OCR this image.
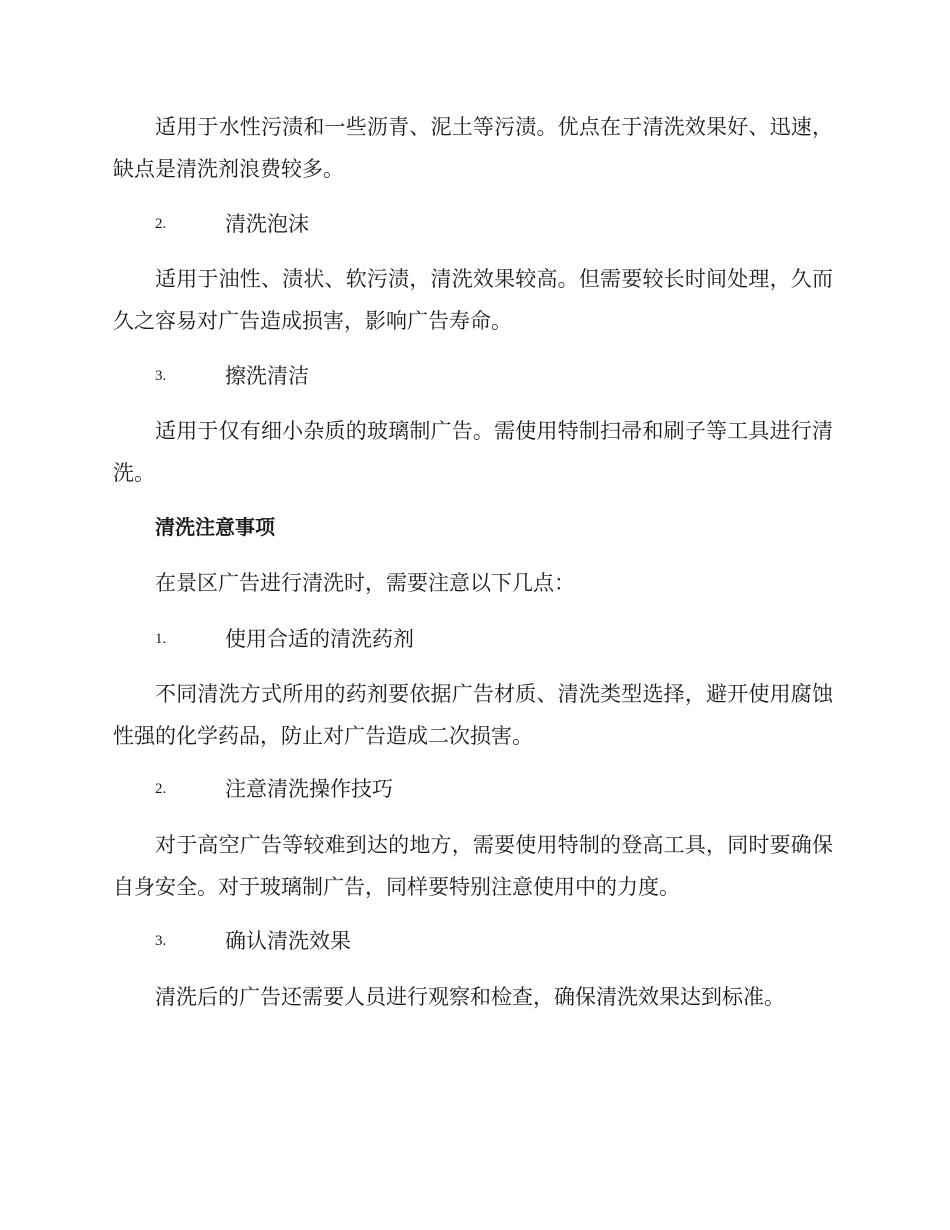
适用于水性污渍和一些沥青、泥土等污渍。优点在于清洗效果好、迅速，缺点是清洗剂浪费较多。

2.	清洗泡沫

适用于油性、渍状、软污渍，清洗效果较高。但需要较长时间处理，久而久之容易对广告造成损害，影响广告寿命。

3.	擦洗清洁

适用于仅有细小杂质的玻璃制广告。需使用特制扫帚和刷子等工具进行清洗。

清洗注意事项

在景区广告进行清洗时，需要注意以下几点：

1.	使用合适的清洗药剂

不同清洗方式所用的药剂要依据广告材质、清洗类型选择，避开使用腐蚀性强的化学药品，防止对广告造成二次损害。

2.	注意清洗操作技巧

对于高空广告等较难到达的地方，需要使用特制的登高工具，同时要确保自身安全。对于玻璃制广告，同样要特别注意使用中的力度。

3.	确认清洗效果

清洗后的广告还需要人员进行观察和检查，确保清洗效果达到标准。
